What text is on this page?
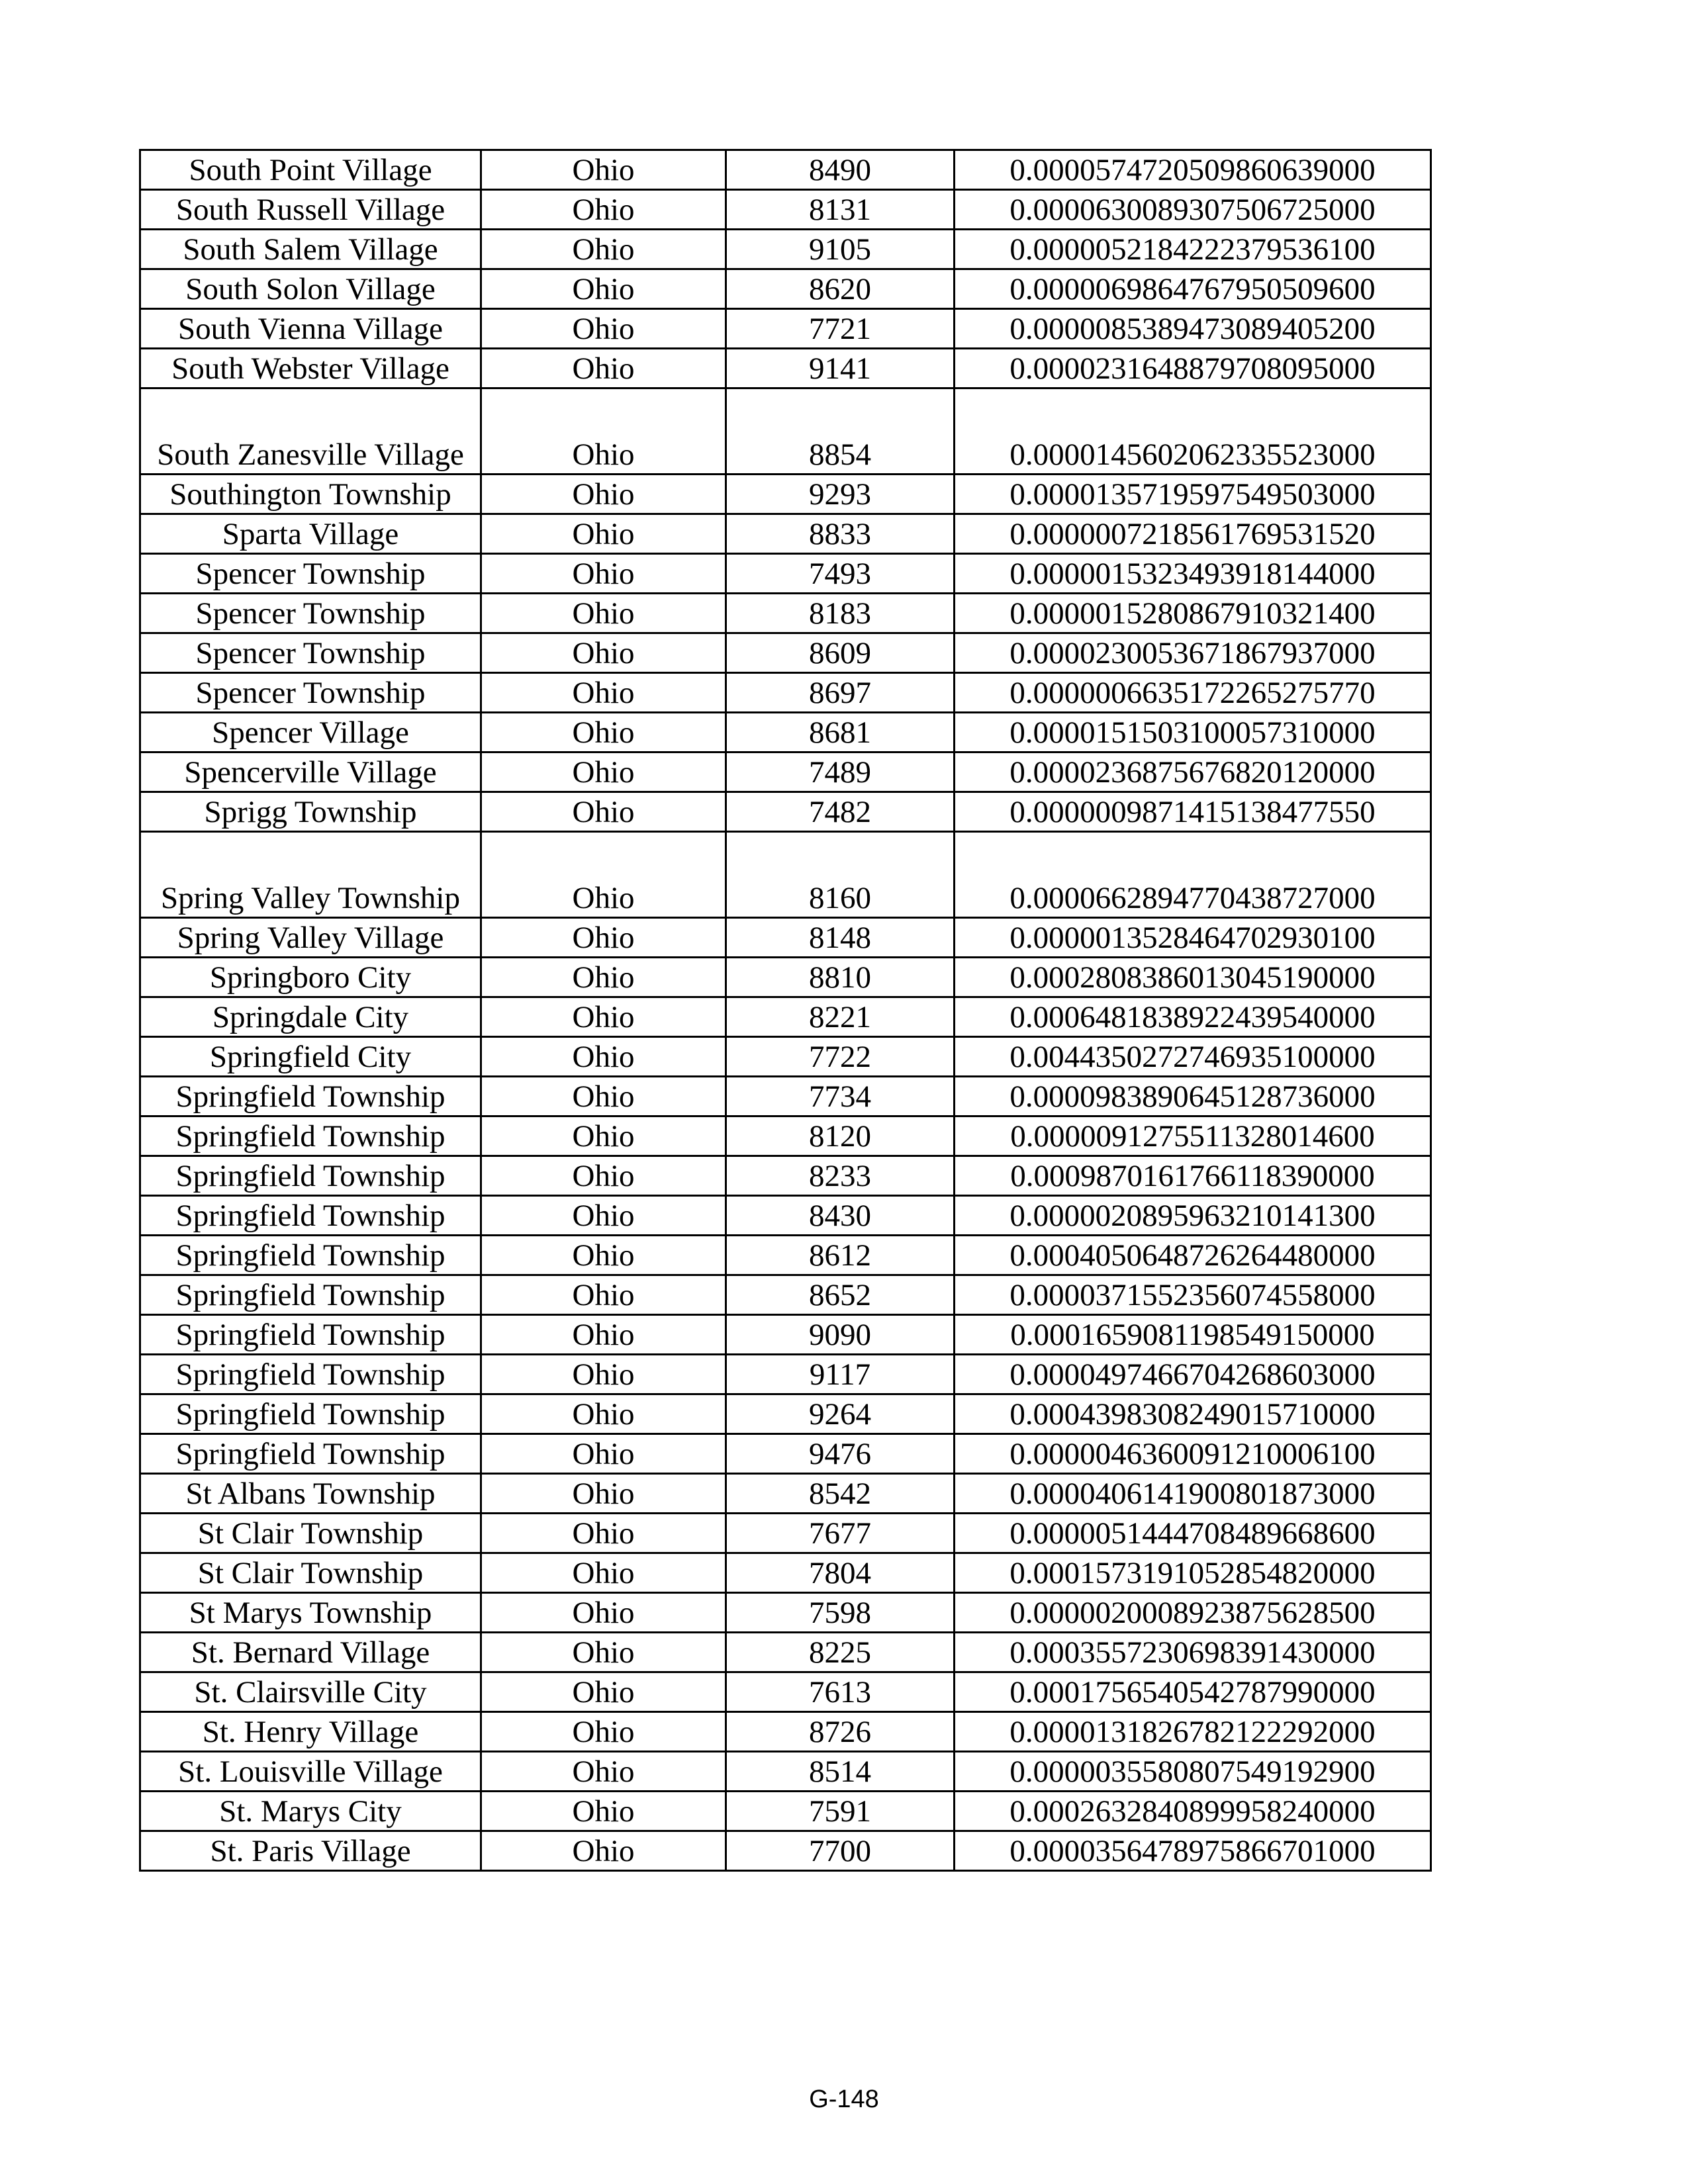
South Point Village	Ohio	8490	0.0000574720509860639000
South Russell Village	Ohio	8131	0.0000630089307506725000
South Salem Village	Ohio	9105	0.0000052184222379536100
South Solon Village	Ohio	8620	0.0000069864767950509600
South Vienna Village	Ohio	7721	0.0000085389473089405200
South Webster Village	Ohio	9141	0.0000231648879708095000
South Zanesville Village	Ohio	8854	0.0000145602062335523000
Southington Township	Ohio	9293	0.0000135719597549503000
Sparta Village	Ohio	8833	0.0000007218561769531520
Spencer Township	Ohio	7493	0.0000015323493918144000
Spencer Township	Ohio	8183	0.0000015280867910321400
Spencer Township	Ohio	8609	0.0000230053671867937000
Spencer Township	Ohio	8697	0.0000006635172265275770
Spencer Village	Ohio	8681	0.0000151503100057310000
Spencerville Village	Ohio	7489	0.0000236875676820120000
Sprigg Township	Ohio	7482	0.0000009871415138477550
Spring Valley Township	Ohio	8160	0.0000662894770438727000
Spring Valley Village	Ohio	8148	0.0000013528464702930100
Springboro City	Ohio	8810	0.0002808386013045190000
Springdale City	Ohio	8221	0.0006481838922439540000
Springfield City	Ohio	7722	0.0044350272746935100000
Springfield Township	Ohio	7734	0.0000983890645128736000
Springfield Township	Ohio	8120	0.0000091275511328014600
Springfield Township	Ohio	8233	0.0009870161766118390000
Springfield Township	Ohio	8430	0.0000020895963210141300
Springfield Township	Ohio	8612	0.0004050648726264480000
Springfield Township	Ohio	8652	0.0000371552356074558000
Springfield Township	Ohio	9090	0.0001659081198549150000
Springfield Township	Ohio	9117	0.0000497466704268603000
Springfield Township	Ohio	9264	0.0004398308249015710000
Springfield Township	Ohio	9476	0.0000046360091210006100
St Albans Township	Ohio	8542	0.0000406141900801873000
St Clair Township	Ohio	7677	0.0000051444708489668600
St Clair Township	Ohio	7804	0.0001573191052854820000
St Marys Township	Ohio	7598	0.0000020008923875628500
St. Bernard Village	Ohio	8225	0.0003557230698391430000
St. Clairsville City	Ohio	7613	0.0001756540542787990000
St. Henry Village	Ohio	8726	0.0000131826782122292000
St. Louisville Village	Ohio	8514	0.0000035580807549192900
St. Marys City	Ohio	7591	0.0002632840899958240000
St. Paris Village	Ohio	7700	0.0000356478975866701000
G-148
